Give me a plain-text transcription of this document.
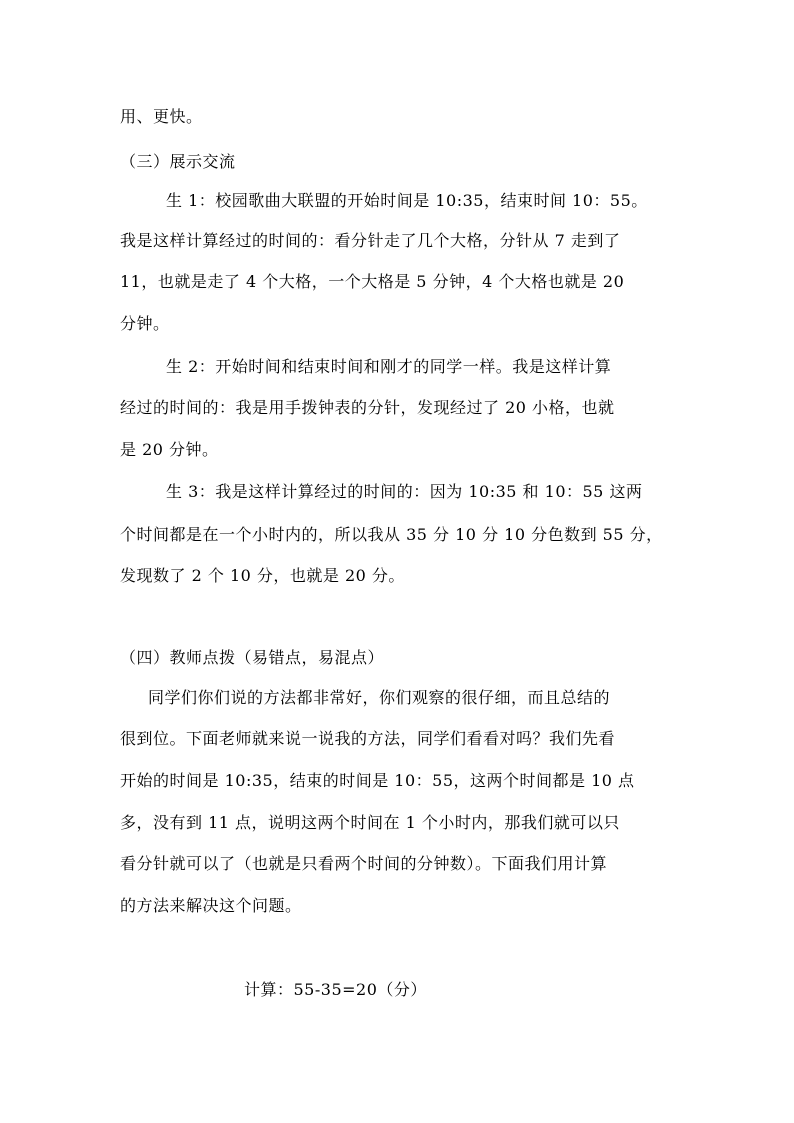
用、更快。
（三）展示交流
生 1：校园歌曲大联盟的开始时间是 10:35，结束时间 10：55。
我是这样计算经过的时间的：看分针走了几个大格，分针从 7 走到了
11，也就是走了 4 个大格，一个大格是 5 分钟，4 个大格也就是 20
分钟。
生 2：开始时间和结束时间和刚才的同学一样。我是这样计算
经过的时间的：我是用手拨钟表的分针，发现经过了 20 小格，也就
是 20 分钟。
生 3：我是这样计算经过的时间的：因为 10:35 和 10：55 这两
个时间都是在一个小时内的，所以我从 35 分 10 分 10 分色数到 55 分，
发现数了 2 个 10 分，也就是 20 分。
（四）教师点拨（易错点，易混点）
同学们你们说的方法都非常好，你们观察的很仔细，而且总结的
很到位。下面老师就来说一说我的方法，同学们看看对吗？我们先看
开始的时间是 10:35，结束的时间是 10：55，这两个时间都是 10 点
多，没有到 11 点，说明这两个时间在 1 个小时内，那我们就可以只
看分针就可以了（也就是只看两个时间的分钟数）。下面我们用计算
的方法来解决这个问题。
计算：55-35=20（分）
